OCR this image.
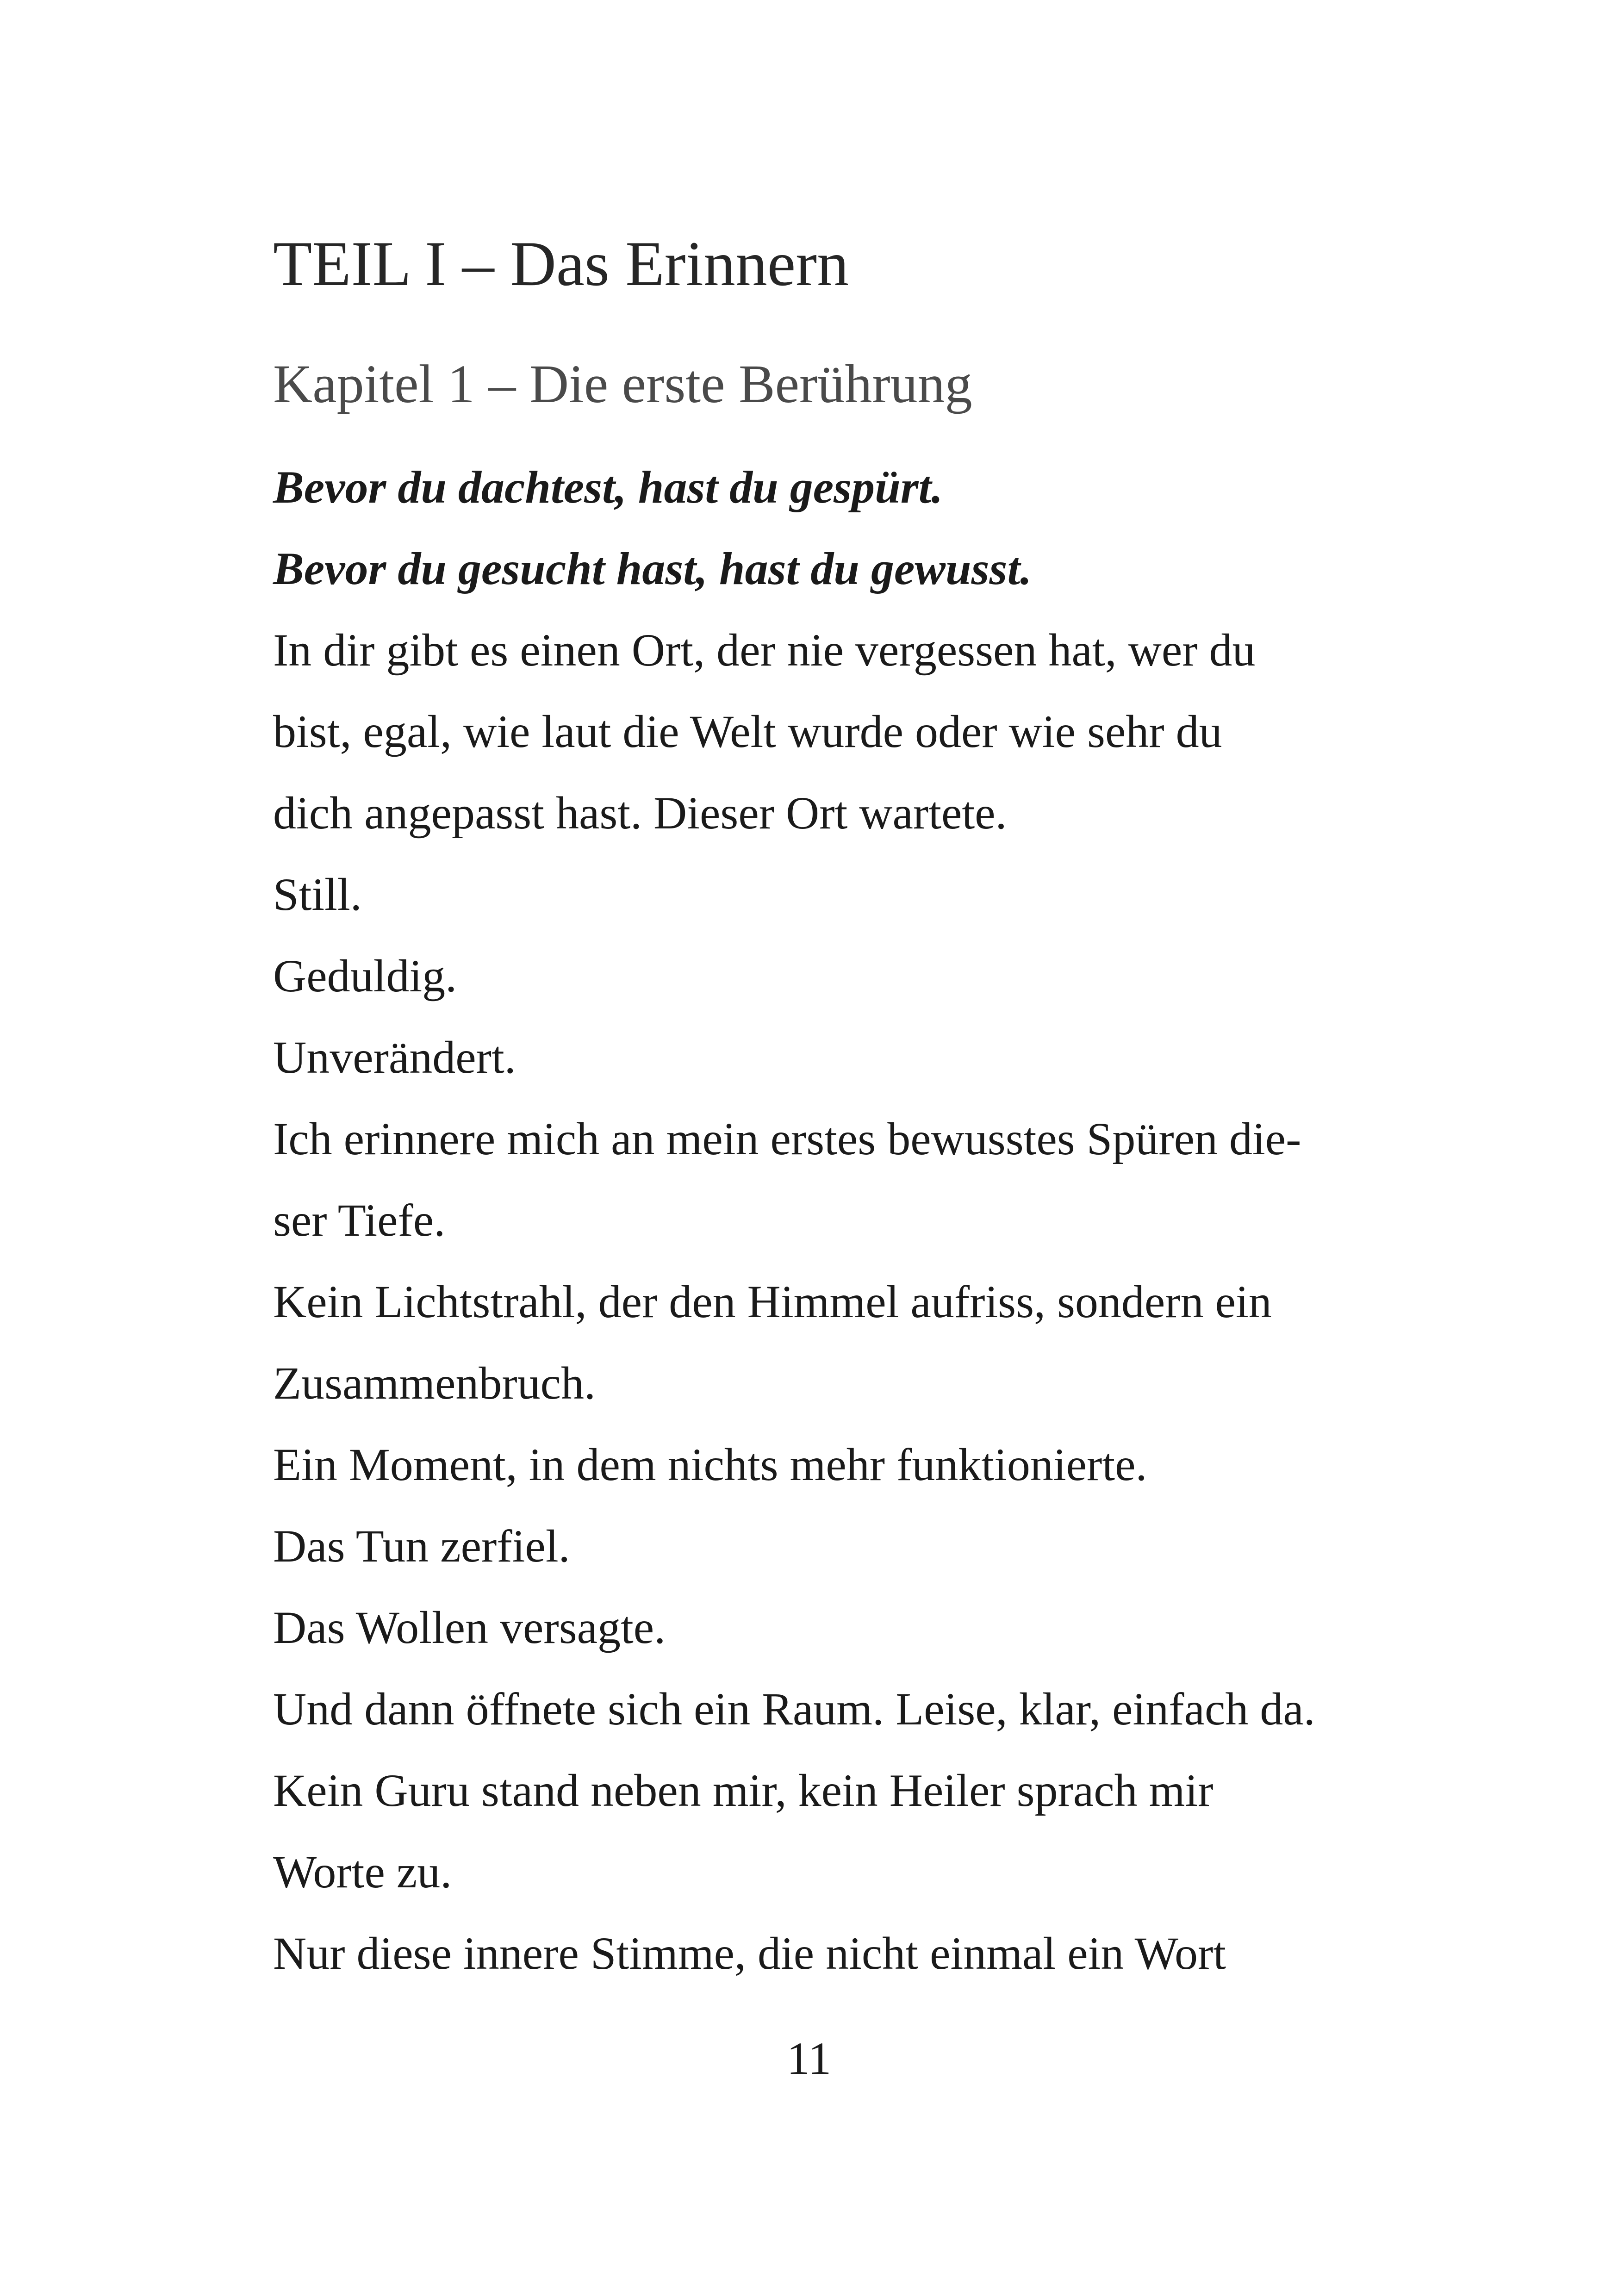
TEIL I – Das Erinnern
Kapitel 1 – Die erste Berührung
Bevor du dachtest, hast du gespürt.
Bevor du gesucht hast, hast du gewusst.
In dir gibt es einen Ort, der nie vergessen hat, wer du
bist, egal, wie laut die Welt wurde oder wie sehr du
dich angepasst hast. Dieser Ort wartete.
Still.
Geduldig.
Unverändert.
Ich erinnere mich an mein erstes bewusstes Spüren die-
ser Tiefe.
Kein Lichtstrahl, der den Himmel aufriss, sondern ein
Zusammenbruch.
Ein Moment, in dem nichts mehr funktionierte.
Das Tun zerfiel.
Das Wollen versagte.
Und dann öffnete sich ein Raum. Leise, klar, einfach da.
Kein Guru stand neben mir, kein Heiler sprach mir
Worte zu.
Nur diese innere Stimme, die nicht einmal ein Wort
11
